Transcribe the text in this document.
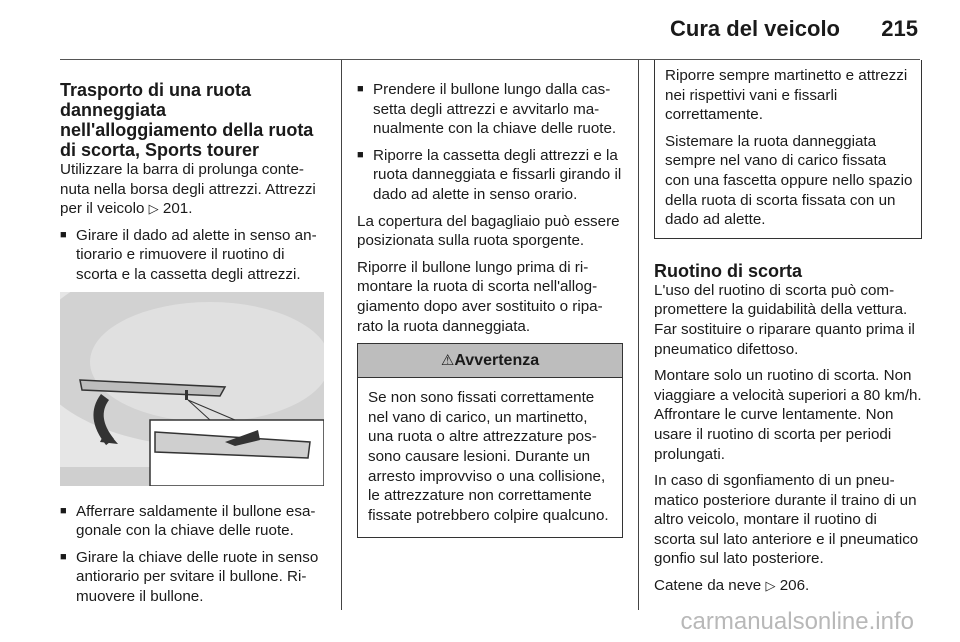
Cura del veicolo 215
Trasporto di una ruota danneggiata nell'alloggiamento della ruota di scorta, Sports tourer

Utilizzare la barra di prolunga contenuta nella borsa degli attrezzi. Attrezzi per il veicolo ▷ 201.

■ Girare il dado ad alette in senso antiorario e rimuovere il ruotino di scorta e la cassetta degli attrezzi.
■ Afferrare saldamente il bullone esagonale con la chiave delle ruote.
■ Girare la chiave delle ruote in senso antiorario per svitare il bullone. Rimuovere il bullone.
■ Prendere il bullone lungo dalla cassetta degli attrezzi e avvitarlo manualmente con la chiave delle ruote.
■ Riporre la cassetta degli attrezzi e la ruota danneggiata e fissarli girando il dado ad alette in senso orario.

La copertura del bagagliaio può essere posizionata sulla ruota sporgente.

Riporre il bullone lungo prima di rimontare la ruota di scorta nell'alloggiamento dopo aver sostituito o riparato la ruota danneggiata.

⚠Avvertenza
Se non sono fissati correttamente nel vano di carico, un martinetto, una ruota o altre attrezzature possono causare lesioni. Durante un arresto improvviso o una collisione, le attrezzature non correttamente fissate potrebbero colpire qualcuno.

Riporre sempre martinetto e attrezzi nei rispettivi vani e fissarli correttamente.

Sistemare la ruota danneggiata sempre nel vano di carico fissata con una fascetta oppure nello spazio della ruota di scorta fissata con un dado ad alette.

Ruotino di scorta

L'uso del ruotino di scorta può compromettere la guidabilità della vettura. Far sostituire o riparare quanto prima il pneumatico difettoso.

Montare solo un ruotino di scorta. Non viaggiare a velocità superiori a 80 km/h. Affrontare le curve lentamente. Non usare il ruotino di scorta per periodi prolungati.

In caso di sgonfiamento di un pneumatico posteriore durante il traino di un altro veicolo, montare il ruotino di scorta sul lato anteriore e il pneumatico gonfio sul lato posteriore.

Catene da neve ▷ 206.

carmanualsonline.info
